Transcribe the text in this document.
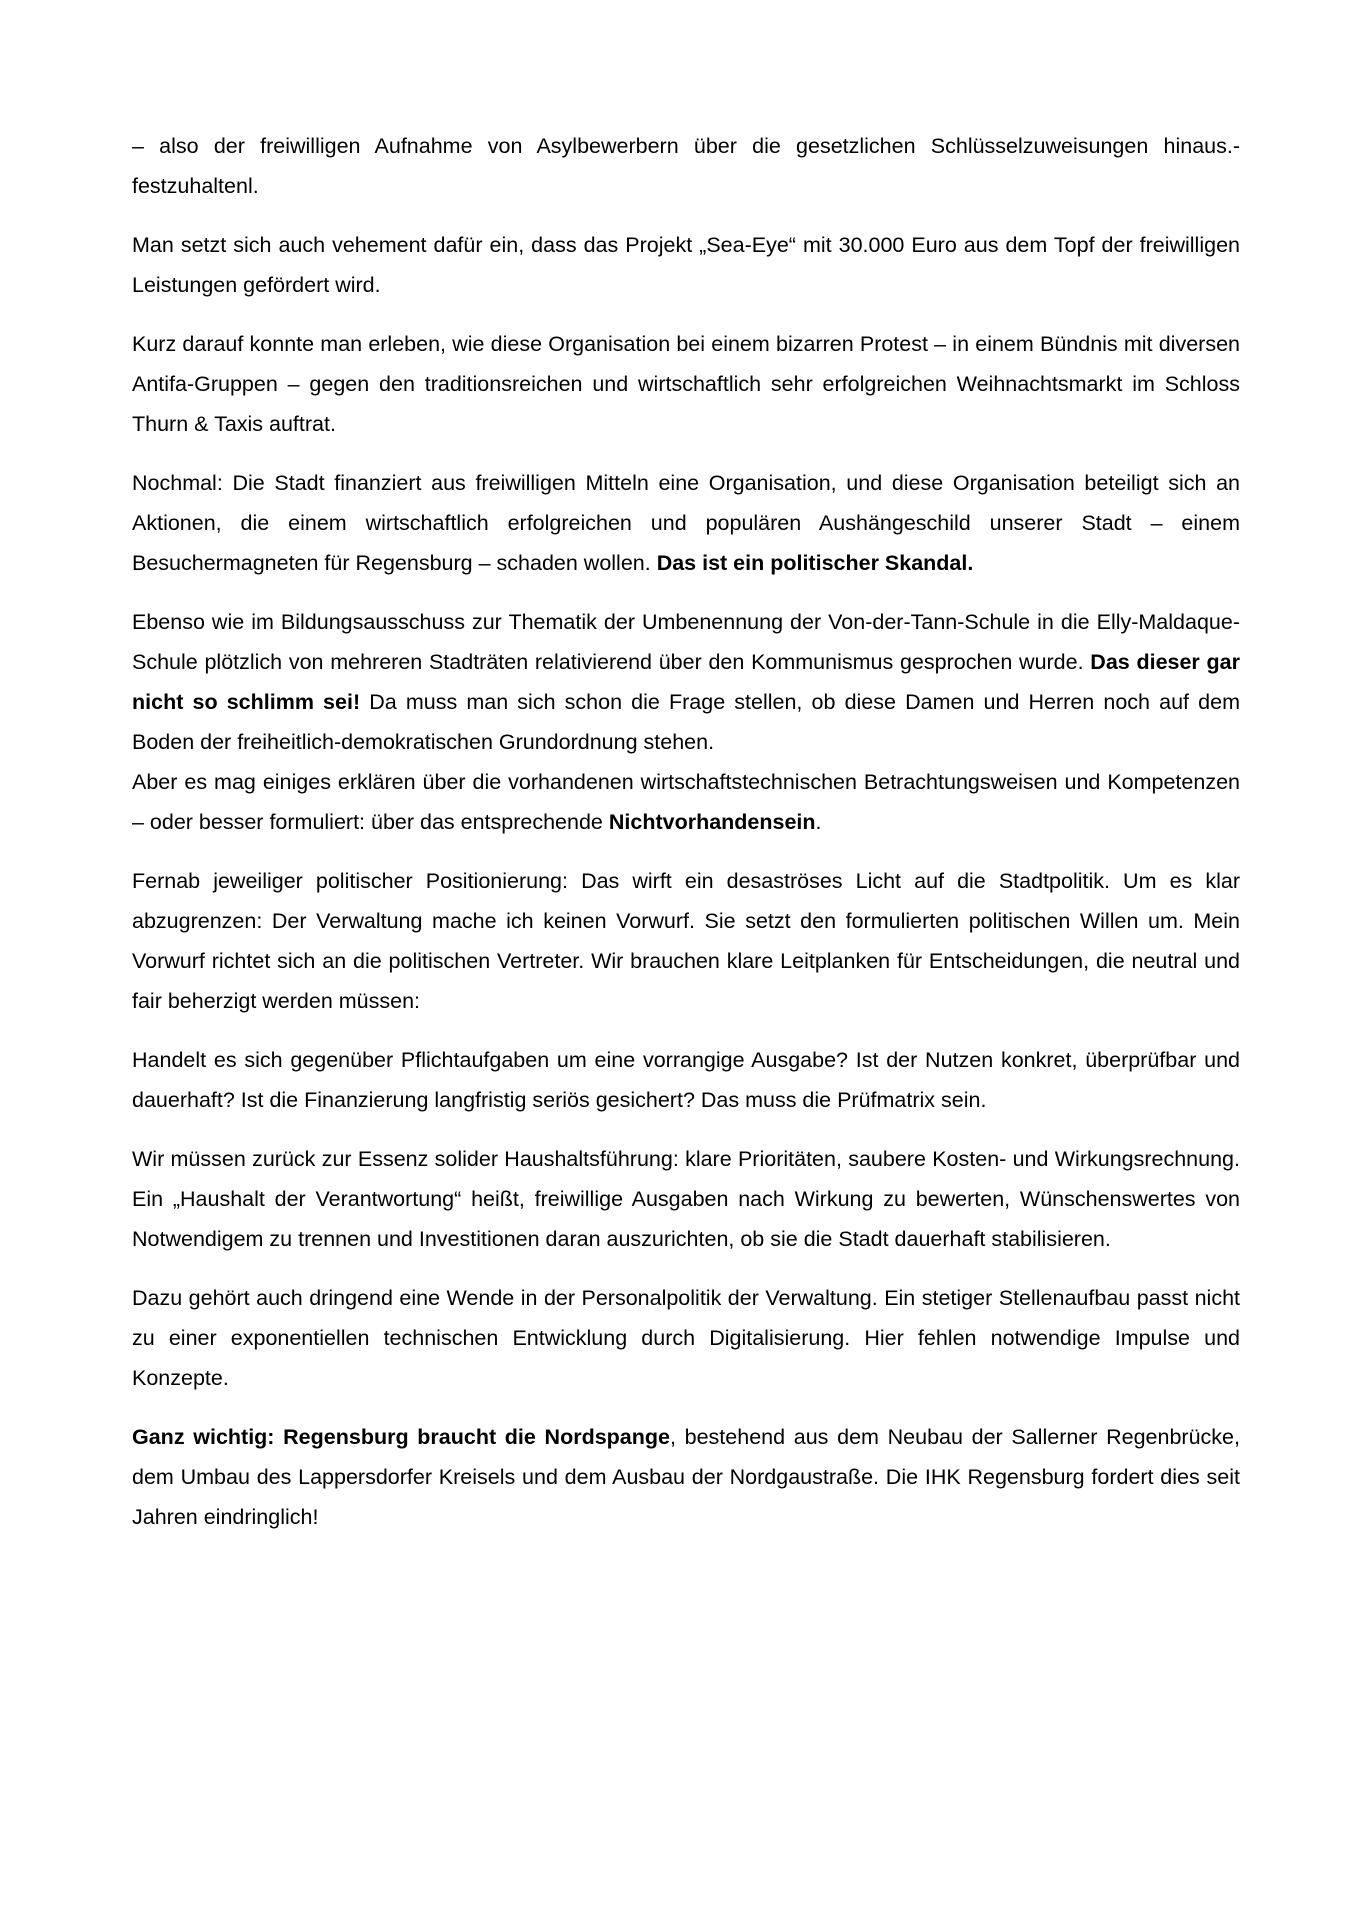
– also der freiwilligen Aufnahme von Asylbewerbern über die gesetzlichen Schlüsselzuweisungen hinaus.- festzuhaltenl.

Man setzt sich auch vehement dafür ein, dass das Projekt „Sea-Eye“ mit 30.000 Euro aus dem Topf der freiwilligen Leistungen gefördert wird.

Kurz darauf konnte man erleben, wie diese Organisation bei einem bizarren Protest – in einem Bündnis mit diversen Antifa-Gruppen – gegen den traditionsreichen und wirtschaftlich sehr erfolgreichen Weihnachtsmarkt im Schloss Thurn & Taxis auftrat.

Nochmal: Die Stadt finanziert aus freiwilligen Mitteln eine Organisation, und diese Organisation beteiligt sich an Aktionen, die einem wirtschaftlich erfolgreichen und populären Aushängeschild unserer Stadt – einem Besuchermagneten für Regensburg – schaden wollen. Das ist ein politischer Skandal.

Ebenso wie im Bildungsausschuss zur Thematik der Umbenennung der Von-der-Tann-Schule in die Elly-Maldaque-Schule plötzlich von mehreren Stadträten relativierend über den Kommunismus gesprochen wurde. Das dieser gar nicht so schlimm sei! Da muss man sich schon die Frage stellen, ob diese Damen und Herren noch auf dem Boden der freiheitlich-demokratischen Grundordnung stehen.

Aber es mag einiges erklären über die vorhandenen wirtschaftstechnischen Betrachtungsweisen und Kompetenzen – oder besser formuliert: über das entsprechende Nichtvorhandensein.

Fernab jeweiliger politischer Positionierung: Das wirft ein desaströses Licht auf die Stadtpolitik. Um es klar abzugrenzen: Der Verwaltung mache ich keinen Vorwurf. Sie setzt den formulierten politischen Willen um. Mein Vorwurf richtet sich an die politischen Vertreter. Wir brauchen klare Leitplanken für Entscheidungen, die neutral und fair beherzigt werden müssen:

Handelt es sich gegenüber Pflichtaufgaben um eine vorrangige Ausgabe? Ist der Nutzen konkret, überprüfbar und dauerhaft? Ist die Finanzierung langfristig seriös gesichert? Das muss die Prüfmatrix sein.

Wir müssen zurück zur Essenz solider Haushaltsführung: klare Prioritäten, saubere Kosten- und Wirkungsrechnung. Ein „Haushalt der Verantwortung“ heißt, freiwillige Ausgaben nach Wirkung zu bewerten, Wünschenswertes von Notwendigem zu trennen und Investitionen daran auszurichten, ob sie die Stadt dauerhaft stabilisieren.

Dazu gehört auch dringend eine Wende in der Personalpolitik der Verwaltung. Ein stetiger Stellenaufbau passt nicht zu einer exponentiellen technischen Entwicklung durch Digitalisierung. Hier fehlen notwendige Impulse und Konzepte.

Ganz wichtig: Regensburg braucht die Nordspange, bestehend aus dem Neubau der Sallerner Regenbrücke, dem Umbau des Lappersdorfer Kreisels und dem Ausbau der Nordgaustraße. Die IHK Regensburg fordert dies seit Jahren eindringlich!
